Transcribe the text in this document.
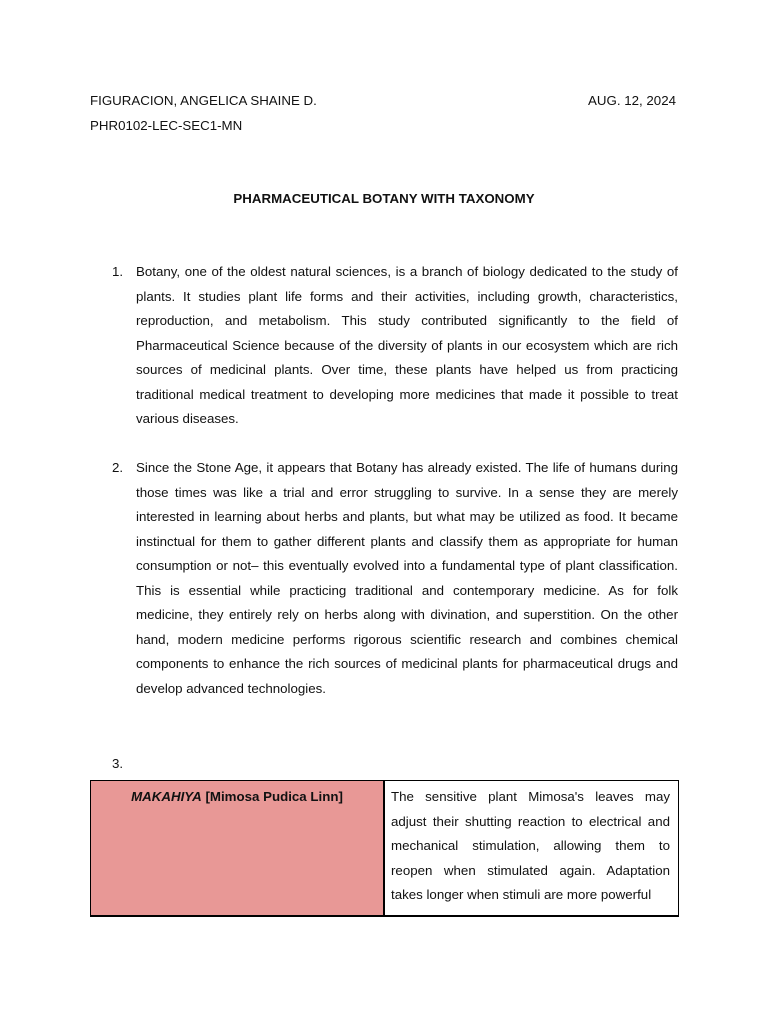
FIGURACION, ANGELICA SHAINE D.	AUG. 12, 2024
PHR0102-LEC-SEC1-MN
PHARMACEUTICAL BOTANY WITH TAXONOMY
1. Botany, one of the oldest natural sciences, is a branch of biology dedicated to the study of plants. It studies plant life forms and their activities, including growth, characteristics, reproduction, and metabolism. This study contributed significantly to the field of Pharmaceutical Science because of the diversity of plants in our ecosystem which are rich sources of medicinal plants. Over time, these plants have helped us from practicing traditional medical treatment to developing more medicines that made it possible to treat various diseases.
2. Since the Stone Age, it appears that Botany has already existed. The life of humans during those times was like a trial and error struggling to survive. In a sense they are merely interested in learning about herbs and plants, but what may be utilized as food. It became instinctual for them to gather different plants and classify them as appropriate for human consumption or not– this eventually evolved into a fundamental type of plant classification. This is essential while practicing traditional and contemporary medicine. As for folk medicine, they entirely rely on herbs along with divination, and superstition. On the other hand, modern medicine performs rigorous scientific research and combines chemical components to enhance the rich sources of medicinal plants for pharmaceutical drugs and develop advanced technologies.
3.
MAKAHIYA [Mimosa Pudica Linn]	The sensitive plant Mimosa's leaves may adjust their shutting reaction to electrical and mechanical stimulation, allowing them to reopen when stimulated again. Adaptation takes longer when stimuli are more powerful
